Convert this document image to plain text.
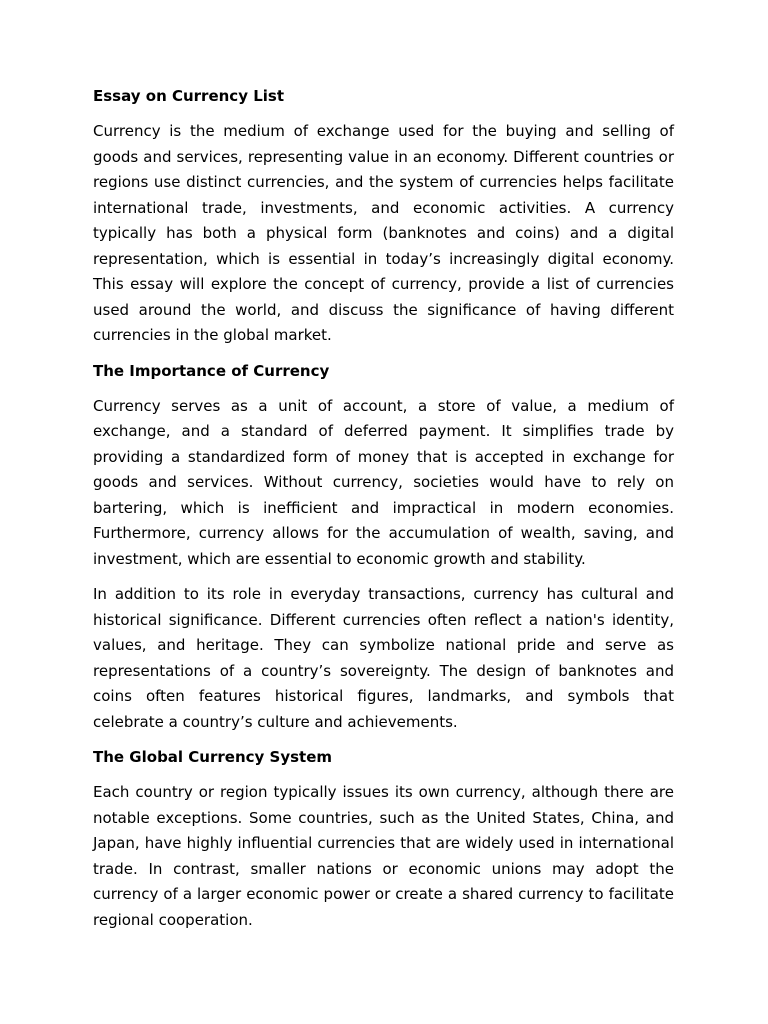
Essay on Currency List

Currency is the medium of exchange used for the buying and selling of goods and services, representing value in an economy. Different countries or regions use distinct currencies, and the system of currencies helps facilitate international trade, investments, and economic activities. A currency typically has both a physical form (banknotes and coins) and a digital representation, which is essential in today’s increasingly digital economy. This essay will explore the concept of currency, provide a list of currencies used around the world, and discuss the significance of having different currencies in the global market.

The Importance of Currency

Currency serves as a unit of account, a store of value, a medium of exchange, and a standard of deferred payment. It simplifies trade by providing a standardized form of money that is accepted in exchange for goods and services. Without currency, societies would have to rely on bartering, which is inefficient and impractical in modern economies. Furthermore, currency allows for the accumulation of wealth, saving, and investment, which are essential to economic growth and stability.

In addition to its role in everyday transactions, currency has cultural and historical significance. Different currencies often reflect a nation's identity, values, and heritage. They can symbolize national pride and serve as representations of a country’s sovereignty. The design of banknotes and coins often features historical figures, landmarks, and symbols that celebrate a country’s culture and achievements.

The Global Currency System

Each country or region typically issues its own currency, although there are notable exceptions. Some countries, such as the United States, China, and Japan, have highly influential currencies that are widely used in international trade. In contrast, smaller nations or economic unions may adopt the currency of a larger economic power or create a shared currency to facilitate regional cooperation.
